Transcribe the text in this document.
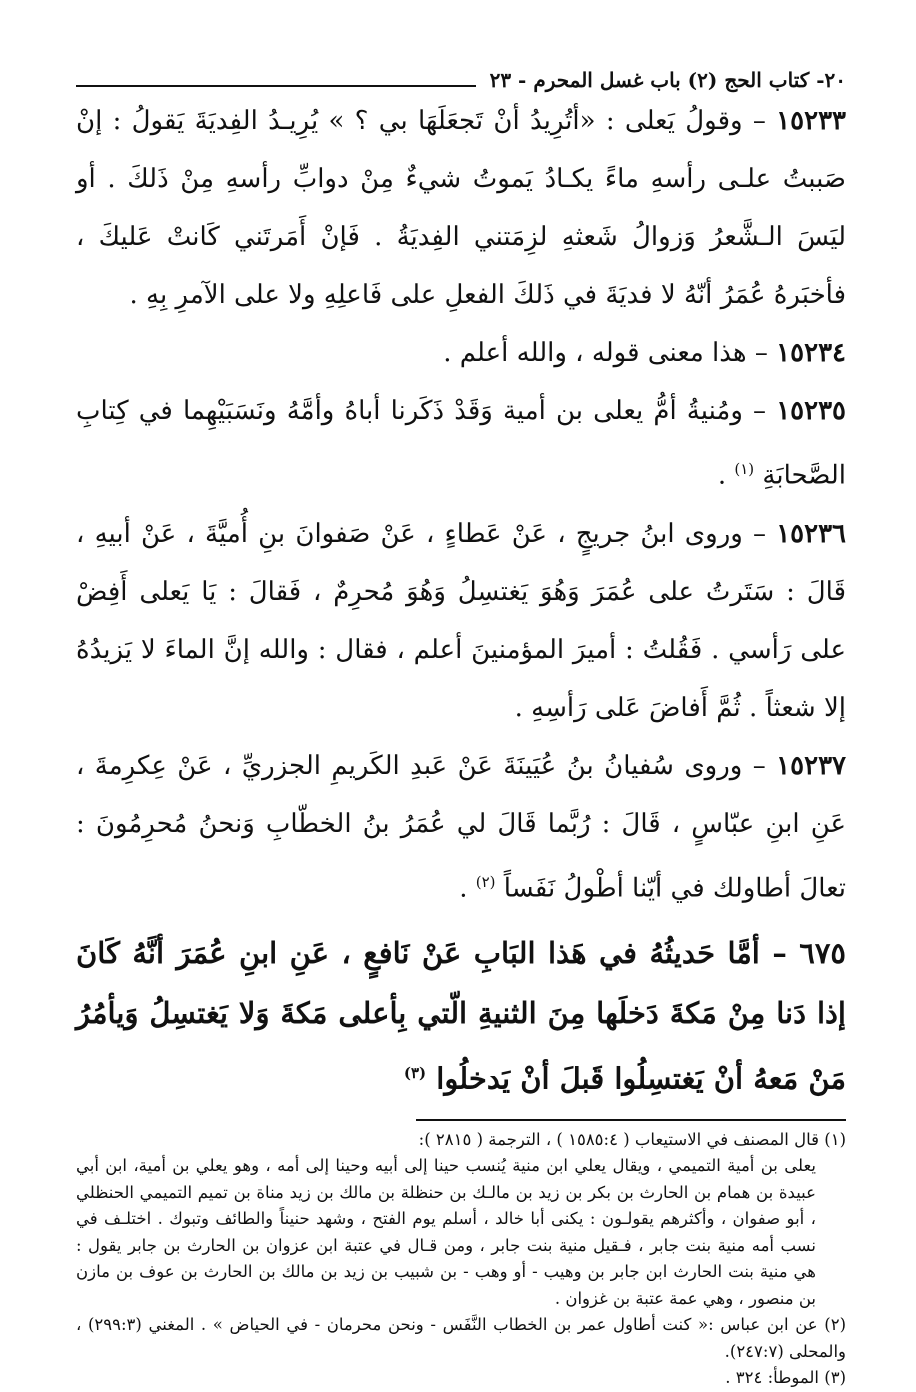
٢٠- كتاب الحج (٢) باب غسل المحرم - ٢٣

١٥٢٣٣ – وقولُ يَعلى : «أتُرِيدُ أنْ تَجعَلَهَا بي ؟ » يُرِيـدُ الفِديَةَ يَقولُ : إنْ صَببتُ علـى رأسهِ ماءً يكـادُ يَموتُ شيءٌ مِنْ دوابِّ رأسهِ مِنْ ذَلكَ . أو ليَسَ الـشَّعرُ وَزوالُ شَعثهِ لزِمَتني الفِديَةُ . فَإنْ أَمَرتَني كَانتْ عَليكَ ، فأخبَرهُ عُمَرُ أنّهُ لا فديَةَ في ذَلكَ الفعلِ على فَاعلِهِ ولا على الآمرِ بِهِ .

١٥٢٣٤ – هذا معنى قوله ، والله أعلم .

١٥٢٣٥ – ومُنيةُ أمُّ يعلى بن أمية وَقَدْ ذَكَرنا أباهُ وأمَّهُ ونَسَبَيْهِما في كِتابِ الصَّحابَةِ $^{(١)}$ .

١٥٢٣٦ – وروى ابنُ جريجٍ ، عَنْ عَطاءٍ ، عَنْ صَفوانَ بنِ أُميَّةَ ، عَنْ أبيهِ ، قَالَ : سَتَرتُ على عُمَرَ وَهُوَ يَغتسِلُ وَهُوَ مُحرِمٌ ، فَقالَ : يَا يَعلى أَفِضْ على رَأسي . فَقُلتُ : أميرَ المؤمنينَ أعلم ، فقال : والله إنَّ الماءَ لا يَزيدُهُ إلا شعثاً . ثُمَّ أَفاضَ عَلى رَأسِهِ .

١٥٢٣٧ – وروى سُفيانُ بنُ عُيَينَةَ عَنْ عَبدِ الكَريمِ الجزريِّ ، عَنْ عِكرِمةَ ، عَنِ ابنِ عبّاسٍ ، قَالَ : رُبَّما قَالَ لي عُمَرُ بنُ الخطّابِ وَنحنُ مُحرِمُونَ : تعالَ أطاولك في أيّنا أطْولُ نَفَساً $^{(٢)}$ .

٦٧٥ – أمَّا حَديثُهُ في هَذا البَابِ عَنْ نَافعٍ ، عَنِ ابنِ عُمَرَ أنَّهُ كَانَ إذا دَنا مِنْ مَكةَ دَخلَها مِنَ الثنيةِ الّتي بِأعلى مَكةَ وَلا يَغتسِلُ وَيأمُرُ مَنْ مَعهُ أنْ يَغتسِلُوا قَبلَ أنْ يَدخلُوا $^{(٣)}$

(١) قال المصنف في الاستيعاب ( ١٥٨٥:٤ ) ، الترجمة ( ٢٨١٥ ):

يعلى بن أمية التميمي ، ويقال يعلي ابن منية يُنسب حينا إلى أبيه وحينا إلى أمه ، وهو يعلي بن أمية، ابن أبي عبيدة بن همام بن الحارث بن بكر بن زيد بن مالـك بن حنظلة بن مالك بن زيد مناة بن تميم التميمي الحنظلي ، أبو صفوان ، وأكثرهم يقولـون : يكنى أبا خالد ، أسلم يوم الفتح ، وشهد حنيناً والطائف وتبوك . اختلـف في نسب أمه منية بنت جابر ، فـقيل منية بنت جابر ، ومن قـال في عتبة ابن عزوان بن الحارث بن جابر يقول : هي منية بنت الحارث ابن جابر بن وهيب - أو وهب - بن شبيب بن زيد بن مالك بن الحارث بن عوف بن مازن بن منصور ، وهي عمة عتبة بن غزوان .

(٢) عن ابن عباس :« كنت أطاول عمر بن الخطاب النَّفَس - ونحن محرمان - في الحياض » . المغني (٢٩٩:٣) ، والمحلى (٢٤٧:٧).

(٣) الموطأ: ٣٢٤ .
